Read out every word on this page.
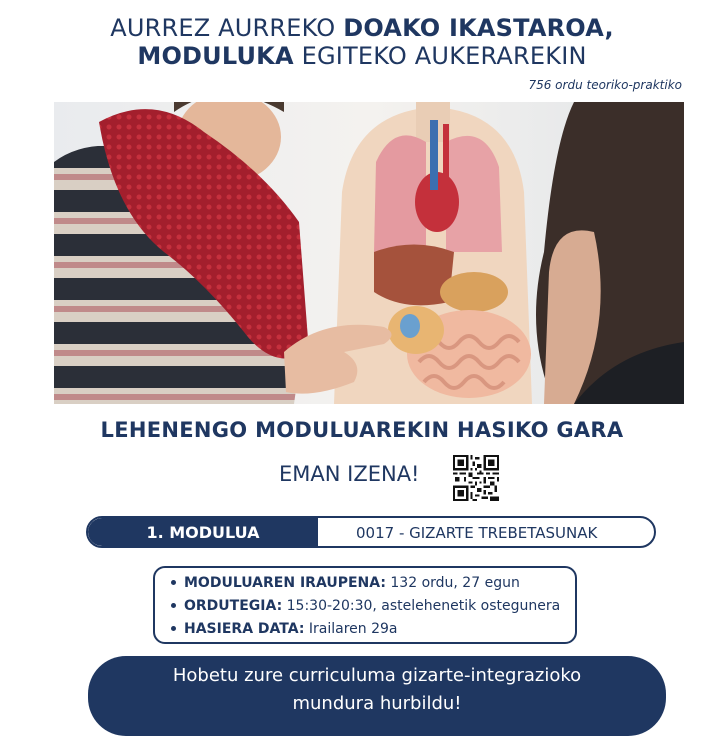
AURREZ AURREKO DOAKO IKASTAROA,
MODULUKA EGITEKO AUKERAREKIN
756 ordu teoriko-praktiko
LEHENENGO MODULUAREKIN HASIKO GARA
EMAN IZENA!
1. MODULUA	0017 - GIZARTE TREBETASUNAK
MODULUAREN IRAUPENA: 132 ordu, 27 egun
ORDUTEGIA: 15:30-20:30, astelehenetik ostegunera
HASIERA DATA: Irailaren 29a
Hobetu zure curriculuma gizarte-integrazioko
mundura hurbildu!
